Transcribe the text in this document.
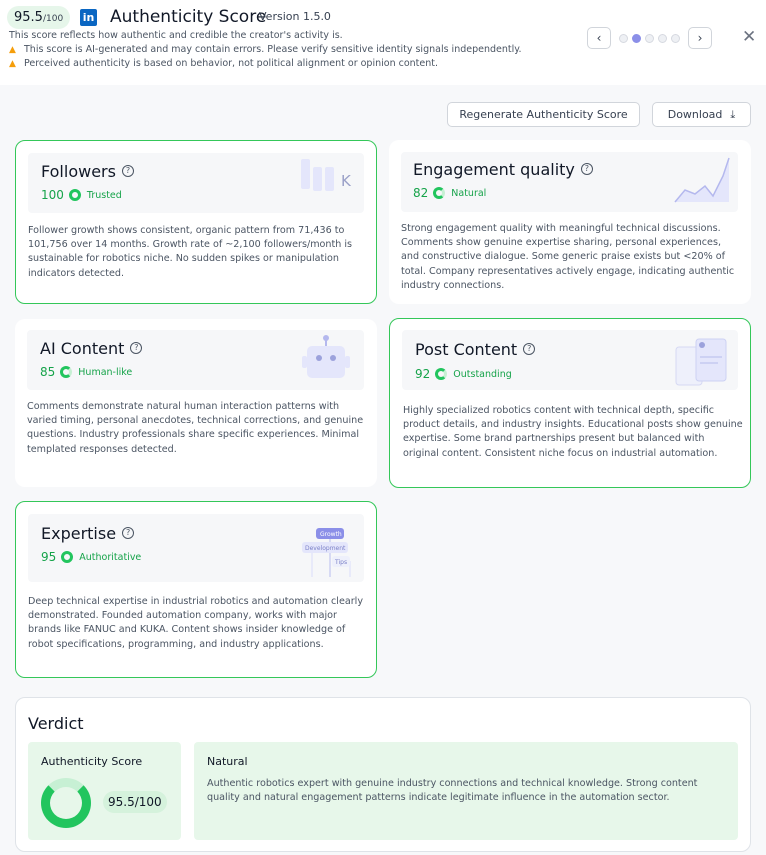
95.5 /100 in Authenticity Score
Version 1.5.0
This score reflects how authentic and credible the creator's activity is.
▲ This score is AI-generated and may contain errors. Please verify sensitive identity signals independently.
▲ Perceived authenticity is based on behavior, not political alignment or opinion content.
‹	›	✕
Regenerate Authenticity Score	Download ⤓
Followers ?
100 Trusted
K
Follower growth shows consistent, organic pattern from 71,436 to 101,756 over 14 months. Growth rate of ~2,100 followers/month is sustainable for robotics niche. No sudden spikes or manipulation indicators detected.
Engagement quality ?
82 Natural
Strong engagement quality with meaningful technical discussions. Comments show genuine expertise sharing, personal experiences, and constructive dialogue. Some generic praise exists but <20% of total. Company representatives actively engage, indicating authentic industry connections.
AI Content ?
85 Human-like
Comments demonstrate natural human interaction patterns with varied timing, personal anecdotes, technical corrections, and genuine questions. Industry professionals share specific experiences. Minimal templated responses detected.
Post Content ?
92 Outstanding
Highly specialized robotics content with technical depth, specific product details, and industry insights. Educational posts show genuine expertise. Some brand partnerships present but balanced with original content. Consistent niche focus on industrial automation.
Expertise ?
95 Authoritative
Growth
Development
Tips
Deep technical expertise in industrial robotics and automation clearly demonstrated. Founded automation company, works with major brands like FANUC and KUKA. Content shows insider knowledge of robot specifications, programming, and industry applications.
Verdict
Authenticity Score
95.5/100
Natural
Authentic robotics expert with genuine industry connections and technical knowledge. Strong content quality and natural engagement patterns indicate legitimate influence in the automation sector.
